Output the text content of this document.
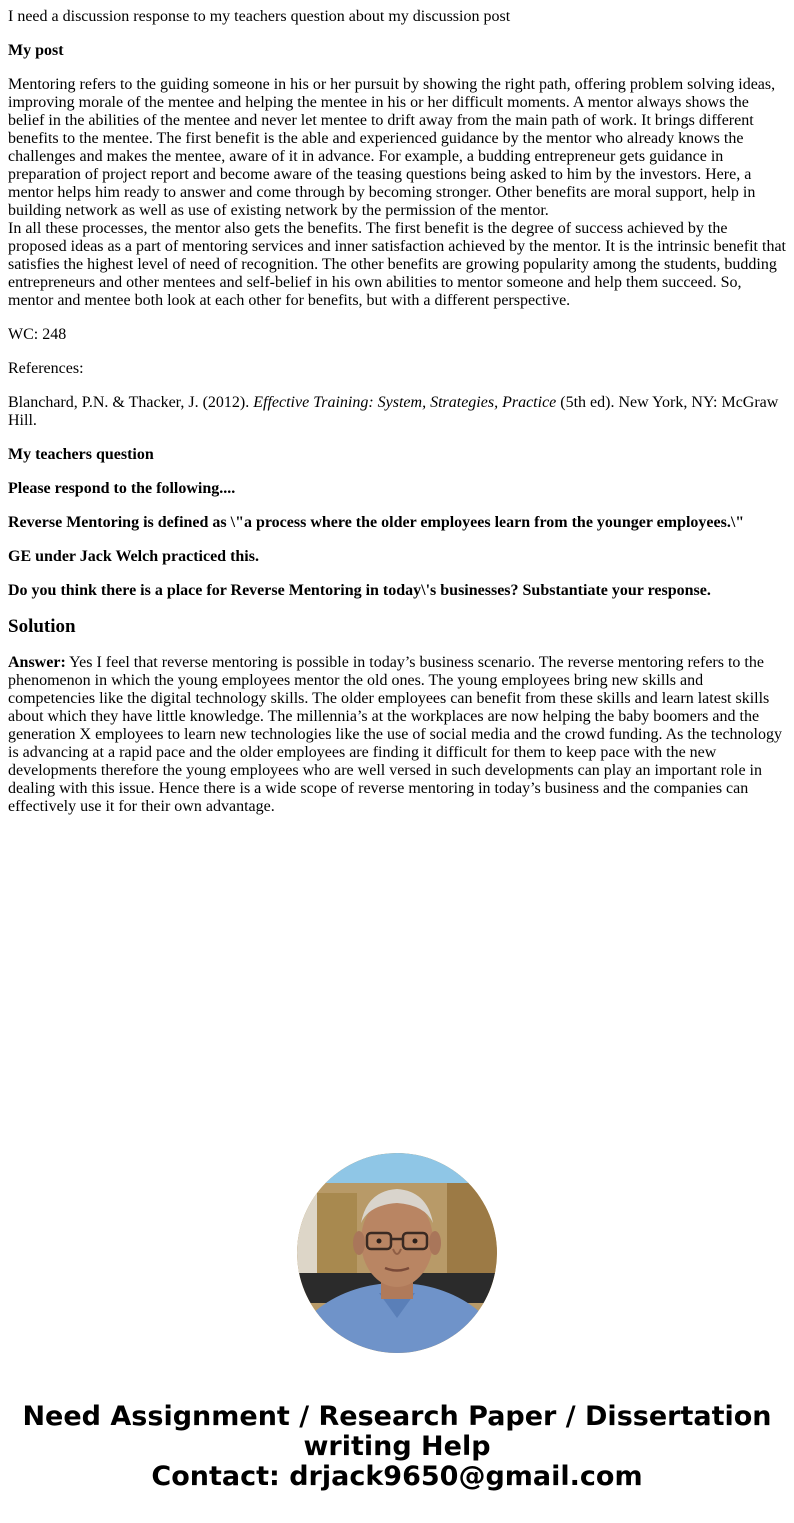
I need a discussion response to my teachers question about my discussion post

My post

Mentoring refers to the guiding someone in his or her pursuit by showing the right path, offering problem solving ideas, improving morale of the mentee and helping the mentee in his or her difficult moments. A mentor always shows the belief in the abilities of the mentee and never let mentee to drift away from the main path of work. It brings different benefits to the mentee. The first benefit is the able and experienced guidance by the mentor who already knows the challenges and makes the mentee, aware of it in advance. For example, a budding entrepreneur gets guidance in preparation of project report and become aware of the teasing questions being asked to him by the investors. Here, a mentor helps him ready to answer and come through by becoming stronger. Other benefits are moral support, help in building network as well as use of existing network by the permission of the mentor.

In all these processes, the mentor also gets the benefits. The first benefit is the degree of success achieved by the proposed ideas as a part of mentoring services and inner satisfaction achieved by the mentor. It is the intrinsic benefit that satisfies the highest level of need of recognition. The other benefits are growing popularity among the students, budding entrepreneurs and other mentees and self-belief in his own abilities to mentor someone and help them succeed. So, mentor and mentee both look at each other for benefits, but with a different perspective.

WC: 248

References:

Blanchard, P.N. & Thacker, J. (2012). Effective Training: System, Strategies, Practice (5th ed). New York, NY: McGraw Hill.

My teachers question

Please respond to the following....

Reverse Mentoring is defined as \"a process where the older employees learn from the younger employees.\"

GE under Jack Welch practiced this.

Do you think there is a place for Reverse Mentoring in today\'s businesses? Substantiate your response.

Solution

Answer: Yes I feel that reverse mentoring is possible in today’s business scenario. The reverse mentoring refers to the phenomenon in which the young employees mentor the old ones. The young employees bring new skills and competencies like the digital technology skills. The older employees can benefit from these skills and learn latest skills about which they have little knowledge. The millennia’s at the workplaces are now helping the baby boomers and the generation X employees to learn new technologies like the use of social media and the crowd funding. As the technology is advancing at a rapid pace and the older employees are finding it difficult for them to keep pace with the new developments therefore the young employees who are well versed in such developments can play an important role in dealing with this issue. Hence there is a wide scope of reverse mentoring in today’s business and the companies can effectively use it for their own advantage.

Need Assignment / Research Paper / Dissertation
writing Help
Contact: drjack9650@gmail.com
